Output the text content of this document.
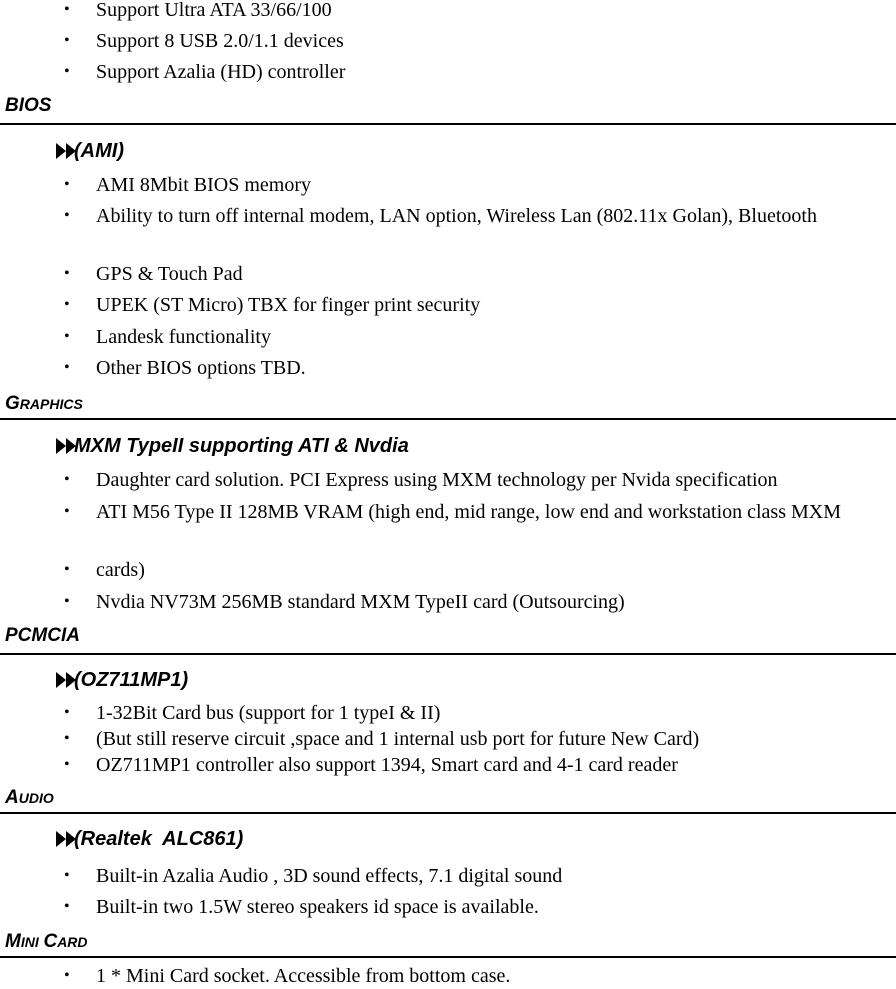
• Support Ultra ATA 33/66/100
• Support 8 USB 2.0/1.1 devices
• Support Azalia (HD) controller
BIOS
(AMI)
• AMI 8Mbit BIOS memory
• Ability to turn off internal modem, LAN option, Wireless Lan (802.11x Golan), Bluetooth
• GPS & Touch Pad
• UPEK (ST Micro) TBX for finger print security
• Landesk functionality
• Other BIOS options TBD.
GRAPHICS
MXM TypeII supporting ATI & Nvdia
• Daughter card solution. PCI Express using MXM technology per Nvida specification
• ATI M56 Type II 128MB VRAM (high end, mid range, low end and workstation class MXM
• cards)
• Nvdia NV73M 256MB standard MXM TypeII card (Outsourcing)
PCMCIA
(OZ711MP1)
• 1-32Bit Card bus (support for 1 typeI & II)
• (But still reserve circuit ,space and 1 internal usb port for future New Card)
• OZ711MP1 controller also support 1394, Smart card and 4-1 card reader
AUDIO
(Realtek  ALC861)
• Built-in Azalia Audio , 3D sound effects, 7.1 digital sound
• Built-in two 1.5W stereo speakers id space is available.
MINI CARD
• 1 * Mini Card socket. Accessible from bottom case.
